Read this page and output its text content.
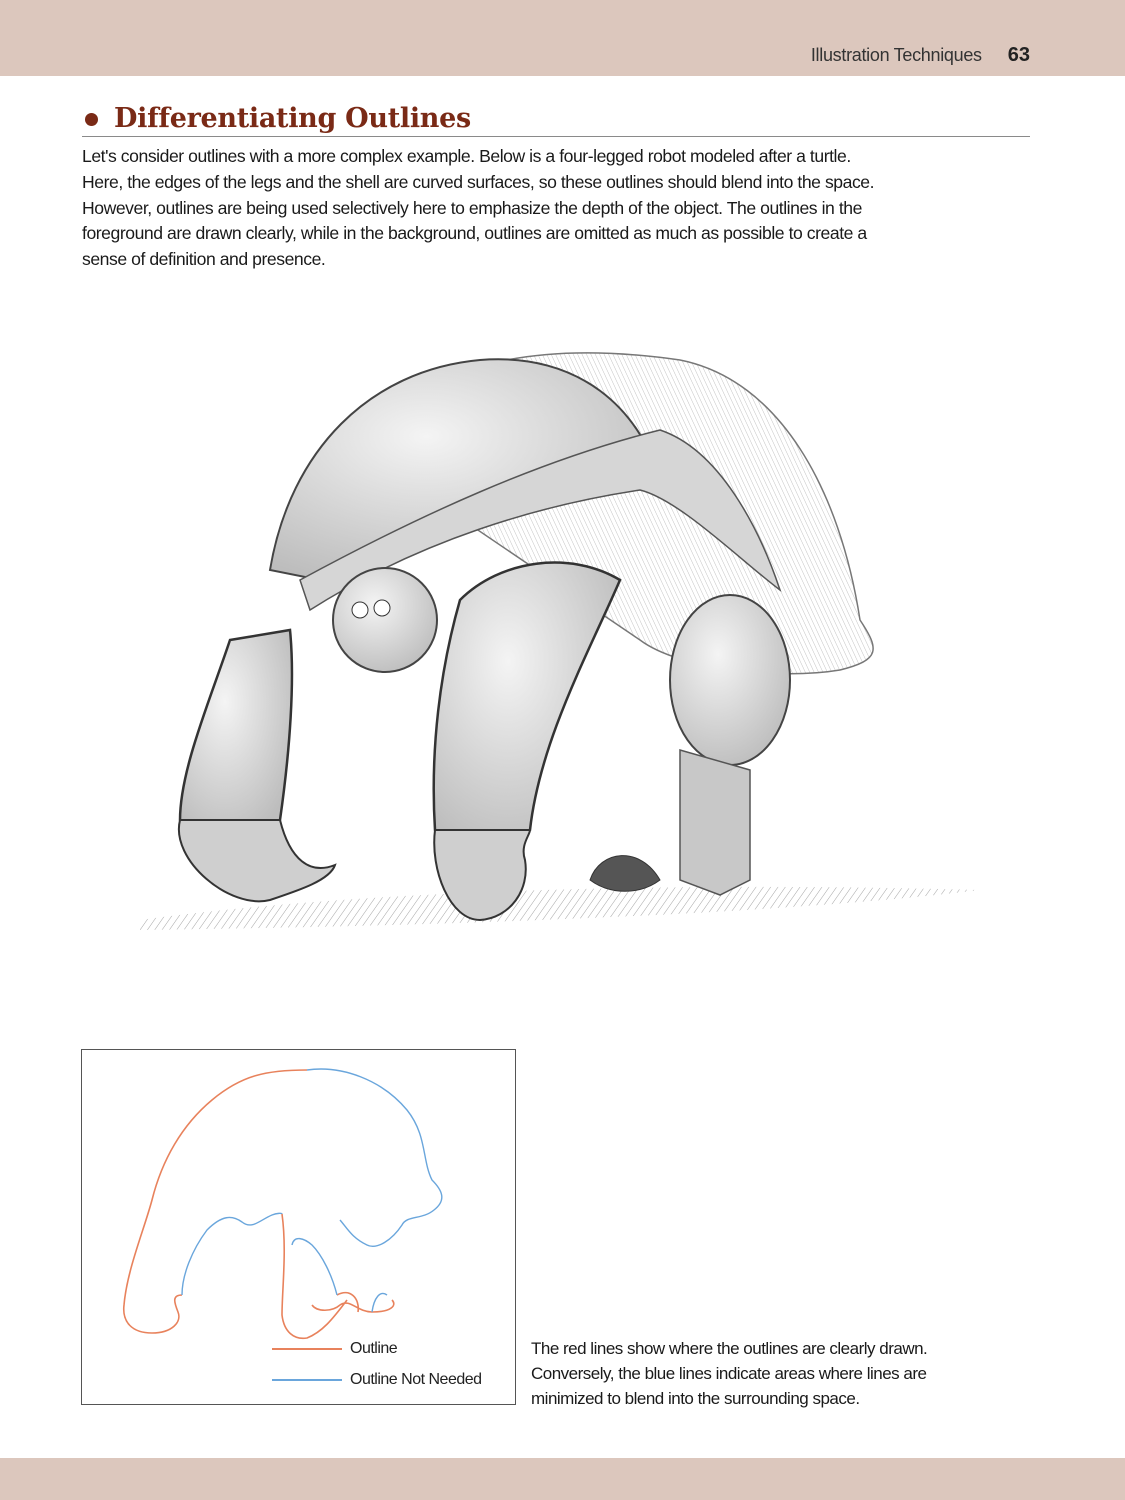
Illustration Techniques 63
Differentiating Outlines

Let's consider outlines with a more complex example. Below is a four-legged robot modeled after a turtle.
Here, the edges of the legs and the shell are curved surfaces, so these outlines should blend into the space.
However, outlines are being used selectively here to emphasize the depth of the object. The outlines in the
foreground are drawn clearly, while in the background, outlines are omitted as much as possible to create a
sense of definition and presence.

Outline
Outline Not Needed

The red lines show where the outlines are clearly drawn.
Conversely, the blue lines indicate areas where lines are
minimized to blend into the surrounding space.
